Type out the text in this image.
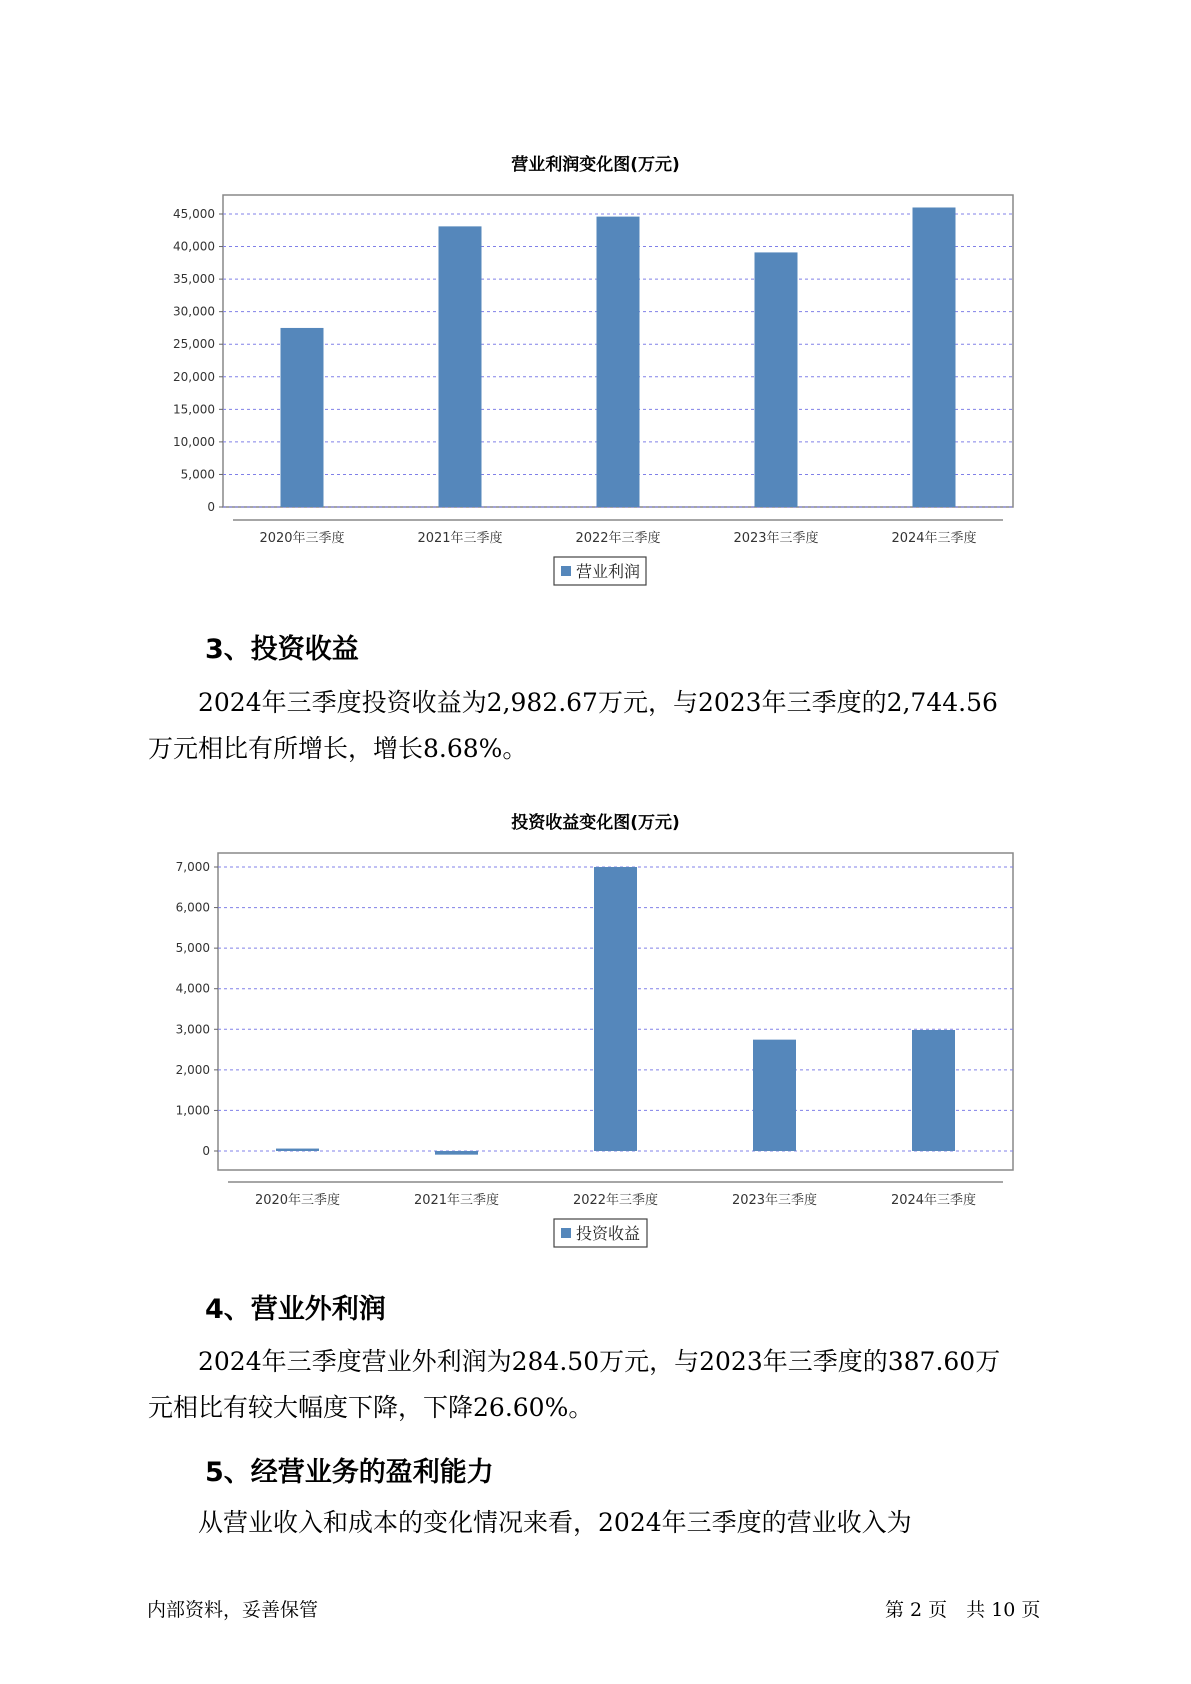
营业利润变化图(万元)
0
5,000
10,000
15,000
20,000
25,000
30,000
35,000
40,000
45,000
2020年三季度	2021年三季度	2022年三季度	2023年三季度	2024年三季度
营业利润
3、投资收益

2024年三季度投资收益为2,982.67万元，与2023年三季度的2,744.56
万元相比有所增长，增长8.68%。

投资收益变化图(万元)
0
1,000
2,000
3,000
4,000
5,000
6,000
7,000
2020年三季度	2021年三季度	2022年三季度	2023年三季度	2024年三季度
投资收益
4、营业外利润

2024年三季度营业外利润为284.50万元，与2023年三季度的387.60万
元相比有较大幅度下降，下降26.60%。

5、经营业务的盈利能力

从营业收入和成本的变化情况来看，2024年三季度的营业收入为

内部资料，妥善保管	第 2 页　共 10 页
